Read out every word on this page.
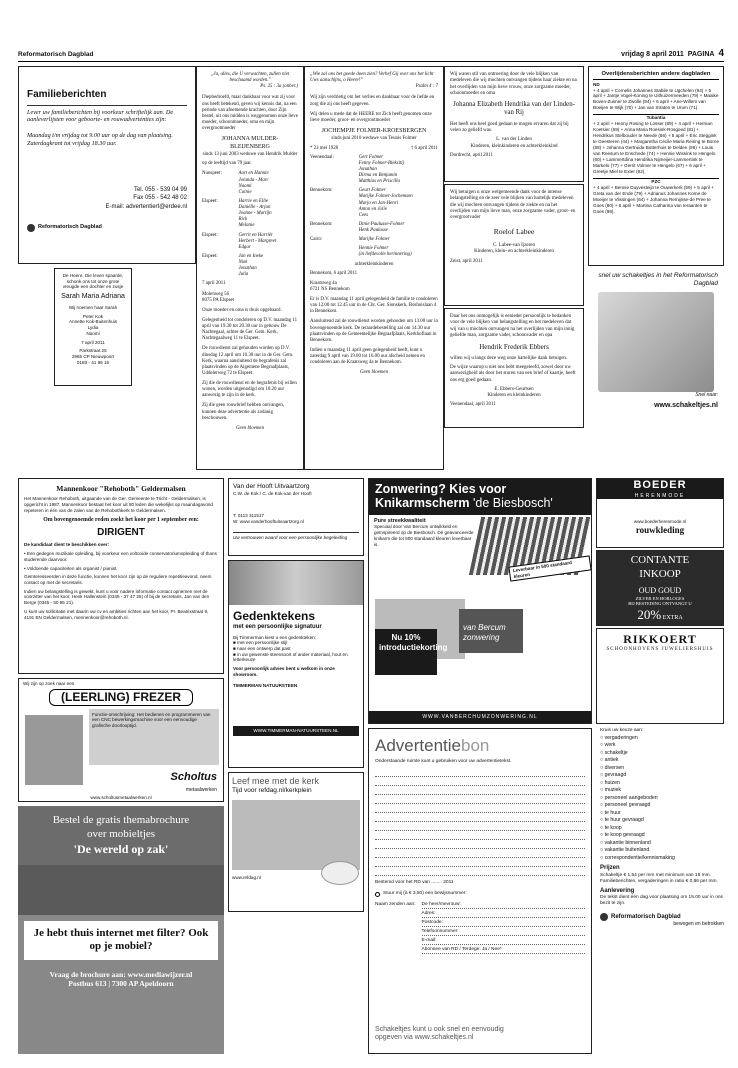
Reformatorisch Dagblad	vrijdag 8 april 2011 PAGINA 4
Familieberichten

Lever uw familieberichten bij voorkeur schriftelijk aan. De aanleverlijsten voor geboorte- en rouwadvertenties zijn:

Maandag t/m vrijdag tot 9.00 uur op de dag van plaatsing. Zaterdagkrant tot vrijdag 18.30 uur.

Tel. 055 - 539 04 99
Fax 055 - 542 48 02
E-mail: advertentiert@erdee.nl
Reformatorisch Dagblad

De Heere, Die leven spaarde, schonk ons tot onze grote vreugde een dochter en zusje

Sarah Maria Adriana

Wij noemen haar Sarah

Peter Kok
Annette Kok-Buitenhuis
Lydia
Naomi

7 april 2011

Parkstraat 25
2965 CP Nieuwpoort
0180 - 41 96 16

„Ja, alles, die U verwachten, zullen niet beschaamd worden."
Ps. 25 : 3a (onber.)

Diepbedroefd, maar dankbaar voor wat zij voor ons heeft betekend, geven wij kennis dat, na een periode van afnemende krachten, door Zijn bestel, uit ons midden is weggenomen onze lieve moeder, schoonmoeder, oma en mijn overgrootmoeder

JOHANNA MULDER-BLEIJENBERG
sinds 13 juni 2003 weduwe van Hendrik Mulder

op de leeftijd van 79 jaar.

Nunspeet:	Aart en Hannie
Jolanda - Marc
Naomi
Coinie
Elspeet:	Harrie en Ellie
Daniëlle - Arjan
Joanne - Martijn
Rick
Melanie
Elspeet:	Gerrit en Harriët
Herbert - Margreet
Edgar
Elspeet:	Jan en Ineke
Niek
Jonathan
Julia

7 april 2011

Molenweg 56
8075 PA Elspeet

Onze moeder en oma is thuis opgebaard.

Gelegenheid tot condoleren op D.V. maandag 11 april van 19.30 tot 20.30 uur in gebouw De Nachtegaal, achter de Ger. Gem. Kerk, Nachtegaalweg 11 te Elspeet.

De rouwdienst zal gehouden worden op D.V. dinsdag 12 april om 10.30 uur in de Ger. Gem. Kerk, waarna aansluitend de begrafenis zal plaatsvinden op de Algemene Begraafplaats, Uddelerweg 72 te Elspeet.

Zij die de rouwdienst en de begrafenis bij willen wonen, worden uitgenodigd om 10.20 uur aanwezig te zijn in de kerk.

Zij die geen rouwbrief hebben ontvangen, kunnen deze advertentie als zodanig beschouwen.

Geen bloemen
„Wie zal ons het goede doen zien? Verhef Gij over ons het licht Uws aanschijns, o Heere!"
Psalm 4 : 7

Wij zijn verdrietig om het verlies en dankbaar voor de liefde en zorg die zij ons heeft gegeven.

Wij delen u mede dat de HEERE tot Zich heeft genomen onze lieve moeder, groot- en overgrootmoeder

JOCHEMPJE FOLMER-KROESBERGEN
sinds juni 2010 weduwe van Teunis Folmer
* 23 mei 1928	† 6 april 2011
Veenendaal:	Gert Folmer
Fenny Folmer-Bleksitij
Jonathan
Dirma en Benjamin
Matthias en Priscilla
Bennekom:	Geurt Folmer
Marijke Folmer-Jochemsen
Marjo en Jan-Henri
Anton en Jolie
Cees
Bennekom:	Dinie Paulusse-Folmer
Henk Paulusse
Cairo:	Marijke Folmer
Hennie Folmer
(in liefdevolle herinnering)
achterkleinkinderen

Bennekom, 6 april 2011

Kraatsweg 4a
6721 NS Bennekom

Er is D.V. maandag 11 april gelegenheid de familie te condoleren van 12.00 tot 12.45 uur in de Chr. Ger. Sionskerk, Boshuislaan 4 in Bennekom.

Aansluitend zal de rouwdienst worden gehouden om 13.00 uur in bovengenoemde kerk. De teraardebestelling zal om 14.30 uur plaatsvinden op de Gemeentelijke Begraafplaats, Kerkhoflaan in Bennekom.

Indien u maandag 11 april geen gelegenheid heeft, kunt u zaterdag 9 april van 19.00 tot 16.00 uur afscheid nemen en condoleren aan de Kraatsweg 4a te Bennekom.

Geen bloemen

Wij waren stil van ontroering door de vele blijken van medeleven die wij mochten ontvangen tijdens haar ziekte en na het overlijden van mijn lieve vrouw, onze zorgzame moeder, schoonmoeder en oma

Johanna Elizabeth Hendrika van der Linden-van Rij

Het heeft ons heel goed gedaan te mogen ervaren dat zij bij velen zo geliefd was.

L. van der Linden
Kinderen, kleinkinderen en achterkleinkind

Dordrecht, april 2011

Wij betuigen u onze welgemeende dank voor de intense belangstelling en de zeer vele blijken van hartelijk medeleven die wij mochten ontvangen tijdens de ziekte en na het overlijden van mijn lieve man, onze zorgzame vader, groot- en overgrootvader

Roelof Labee

C. Labee-van Ijzeren
Kinderen, klein- en achterkleinkinderen

Zeist, april 2011

Daar het ons onmogelijk is eenieder persoonlijk te bedanken voor de vele blijken van belangstelling en het medeleven dat wij van u mochten ontvangen na het overlijden van mijn innig geliefde man, zorgzame vader, schoonvader en opa

Hendrik Frederik Ebbers

willen wij u langs deze weg onze hartelijke dank betuigen.

De wijze waarop u niet ons hebt meegeleefd, zowel door uw aanwezigheid als door het sturen van een brief of kaartje, heeft ons erg goed gedaan.

E. Ebbers-Geurtsen
Kinderen en kleinkinderen

Veenendaal, april 2011

Overlijdensberichten andere dagbladen
ND

+ 4 april + Cornelis Johannes Stabile te Ugchelen (94) + 5 april + Jantje Vogel-Koning te Uithuizermeeden (79) + Maaike Boven-Zuimer te Zwolle (94) + 6 april + Arie-Willem van Boeijen te Wijk (70) + Jan van Straten te Urum (71).

Tubantia

+ 2 april + Henny Rosing te Losser (89) + 4 april + Herman Koetsier (69) + Anna Maria Roesink-Rosgoed (81) + Hendrikus Stelbouder te Neede (86) + 5 april + Eric Steggink te Geesteren (44) + Margaretha Cécile Maria Reiring te Borne (88) + Johanna Gertruida Botterhuis te Delden (86) + Louis van Reesum te Enschede (74) + Hennie Wissink te Hengelo (60) + Lammertdina Hendrika Nijmeijer-Lammertink te Markelo (77) + Gerrit Volmer te Hengelo (67) + 6 april + Greetje Miel te Exter (92).

PZC

+ 4 april + Bennie Duyvesteijn te Ouwerkerk (59) + 5 april + Greta van der Ende (79) + Adrianus Johannes Kome de Moeijer te Vlissingen (64) + Johanna Remijnse-de Pree te Goes (80) + 6 april + Martina Catharina van Ieraanten te Goes (98).

snel uw schakeltjes in het Reformatorisch Dagblad
Snel naar:
www.schakeltjes.nl
Mannenkoor "Rehoboth" Geldermalsen

Het Mannenkoor Rehoboth, uitgaande van de Ger. Gemeente te Tricht - Geldermalsen, is opgericht in 1987. Mannenkoor bestaat het koor uit 80 leden die wekelijks op maandagavond repeteren in één van de zalen van de Rehobothkerk te Geldermalsen.

Om bovengenoemde reden zoekt het koor per 1 september een:
DIRIGENT

De kandidaat dient te beschikken over:

• Een gedegen muzikale opleiding, bij voorkeur een voltooide conservatoriumopleiding of thans studerende daarvoor.

• Voldoende capaciteiten als organist / pianist.

Geïnteresseerden in deze functie, kunnen het koor zijn op de reguliere repetitieavond, neem contact op met de secretaris.

Indien uw belangstelling is gewekt, kunt u voor nadere informatie contact opnemen met de voorzitter van het koor, Henk Hallenstein (0345 - 37 47 25) of bij de secretaris, Jan van den Berge (0345 - 50 95 21).

U kunt uw sollicitatie met daarin uw cv en ambities richten aan het koor, Pr. Beatrixstraat 9, 4191 EN Geldermalsen, mennenkoor@rehoboth.nl.

Van der Hooft Uitvaartzorg
C.W. de Kok / C. de Kok-van der Hooft
T: 0113 311517
W: www.vanderhooftuitvaartzorg.nl
Uw vertrouwen waard voor een persoonlijke begeleiding
Gedenktekens
met een persoonlijke signatuur
Bij Timmerman kiest u een gedenkteken:
■ met een persoonlijke stijl
■ naar een ontwerp dat past
■ in uw gewenste steensoort of ander materiaal, hout en letterkeuze
Voor persoonlijk advies bent u welkom in onze showroom.
TIMMERMAN NATUURSTEEN
WWW.TIMMERMAN-NATUURSTEEN.NL
Zonwering? Kies voor
Knikarmscherm 'de Biesbosch'
Pure streekkwaliteit
Speciaal door Van Bercum ontwikkeld en geïnspireerd op de Biesbosch. Dé geavanceerde knikarm die tot 500 standaard kleuren leverbaar is.
Leverbaar in 500 standaard kleuren
Nu 10% introductiekorting
van Bercum zonwering
WWW.VANBERCHUMZONWERING.NL
BOEDER
HERENMODE
www.boederherenmode.nl
rouwkleding
CONTANTE
INKOOP
OUD GOUD
ZILVER EN HORLOGES
BIJ BESTEDING ONTVANGT U
20% EXTRA
RIKKOERT
SCHOONHOVENS JUWELIERSHUIS
Wij zijn op zoek naar een
(LEERLING) FREZER
Functie-omschrijving: Het bedienen en programmeren van een CNC bewerkingsmachine voor een eenvoudige grafische doorlooptijd.
Scholtus
metaalwerken
www.scholtusmetaalwerken.nl
Leef mee met de kerk
Tijd voor refdag.nl/kerkplein
www.refdag.nl
Advertentiebon
Onderstaande ruimte kunt u gebruiken voor uw advertentietekst.
Bestemd voor het RD van ........ 2011
Stuur mij (à € 3,50) een bewijsnummer:
Naam zenden aan: De heer/mevrouw:
Adres:
Postcode:
Telefoonnummer:
E-mail:
Abonnee van RD / Terdege: Ja / Nee*
Schakeltjes kunt u ook snel en eenvoudig
opgeven via www.schakeltjes.nl
Kruis uw keuze aan:
○ vergaderingen
○ werk
○ schakeltje
○ antiek
○ diversen
○ gevraagd
○ huizen
○ muziek
○ personeel aangeboden
○ personeel gevraagd
○ te huur
○ te huur gevraagd
○ te koop
○ te koop gevraagd
○ vakantie binnenland
○ vakantie buitenland
○ correspondentie/kennismaking
Prijzen

Schakeltje € 1,54 per mm met minimum van 15 mm. Familieberichten, vergaderingen in ratio € 0,86 per mm.

Aanlevering

De tekst dient één dag voor plaatsing om 15.00 uur in ons bezit te zijn.

Reformatorisch Dagblad
bewogen en betrokken
Bestel de gratis themabrochure
over mobieltjes
'De wereld op zak'
Je hebt thuis internet met filter? Ook op je mobiel?
Vraag de brochure aan: www.mediawijzer.nl
Postbus 613 | 7300 AP Apeldoorn
